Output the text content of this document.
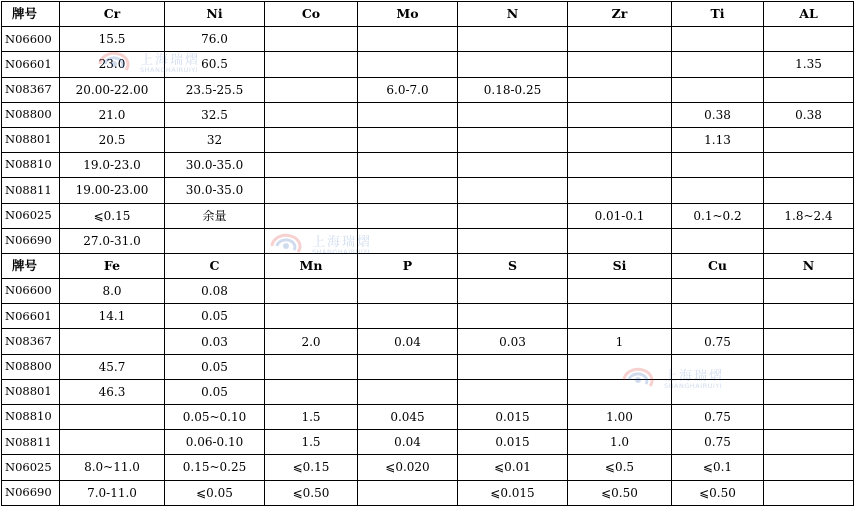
牌号	Cr	Ni	Co	Mo	N	Zr	Ti	AL
N06600	15.5	76.0						
N06601	23.0	60.5						1.35
N08367	20.00-22.00	23.5-25.5		6.0-7.0	0.18-0.25			
N08800	21.0	32.5					0.38	0.38
N08801	20.5	32					1.13	
N08810	19.0-23.0	30.0-35.0						
N08811	19.00-23.00	30.0-35.0						
N06025	⩽0.15	余量				0.01-0.1	0.1~0.2	1.8~2.4
N06690	27.0-31.0							
牌号	Fe	C	Mn	P	S	Si	Cu	N
N06600	8.0	0.08						
N06601	14.1	0.05						
N08367		0.03	2.0	0.04	0.03	1	0.75	
N08800	45.7	0.05						
N08801	46.3	0.05						
N08810		0.05~0.10	1.5	0.045	0.015	1.00	0.75	
N08811		0.06-0.10	1.5	0.04	0.015	1.0	0.75	
N06025	8.0~11.0	0.15~0.25	⩽0.15	⩽0.020	⩽0.01	⩽0.5	⩽0.1	
N06690	7.0-11.0	⩽0.05	⩽0.50		⩽0.015	⩽0.50	⩽0.50	
上海瑞熠
SHANGHAIRUIYI
上海瑞熠
SHANGHAIRUIYI
上海瑞熠
SHANGHAIRUIYI
